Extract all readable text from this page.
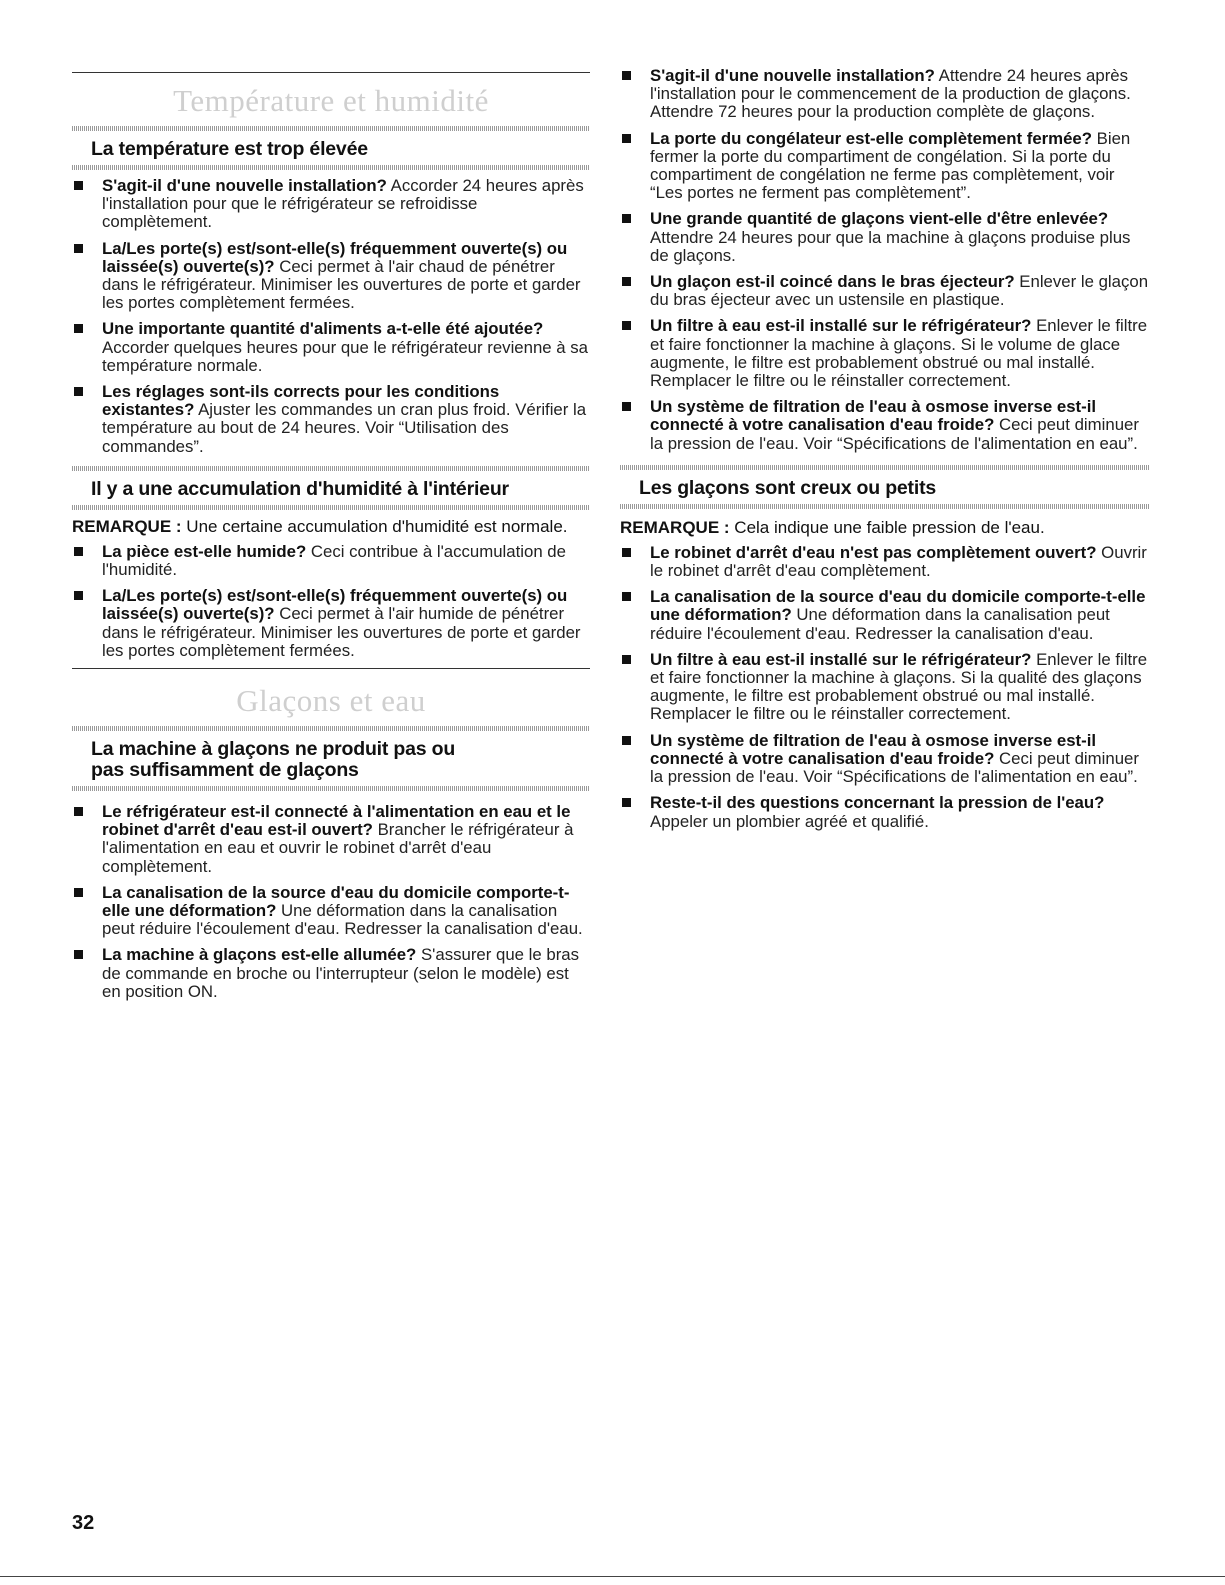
Température et humidité
La température est trop élevée
S'agit-il d'une nouvelle installation? Accorder 24 heures après l'installation pour que le réfrigérateur se refroidisse complètement.
La/Les porte(s) est/sont-elle(s) fréquemment ouverte(s) ou laissée(s) ouverte(s)? Ceci permet à l'air chaud de pénétrer dans le réfrigérateur. Minimiser les ouvertures de porte et garder les portes complètement fermées.
Une importante quantité d'aliments a-t-elle été ajoutée? Accorder quelques heures pour que le réfrigérateur revienne à sa température normale.
Les réglages sont-ils corrects pour les conditions existantes? Ajuster les commandes un cran plus froid. Vérifier la température au bout de 24 heures. Voir “Utilisation des commandes”.
Il y a une accumulation d'humidité à l'intérieur
REMARQUE : Une certaine accumulation d'humidité est normale.
La pièce est-elle humide? Ceci contribue à l'accumulation de l'humidité.
La/Les porte(s) est/sont-elle(s) fréquemment ouverte(s) ou laissée(s) ouverte(s)? Ceci permet à l'air humide de pénétrer dans le réfrigérateur. Minimiser les ouvertures de porte et garder les portes complètement fermées.
Glaçons et eau
La machine à glaçons ne produit pas ou pas suffisamment de glaçons
Le réfrigérateur est-il connecté à l'alimentation en eau et le robinet d'arrêt d'eau est-il ouvert? Brancher le réfrigérateur à l'alimentation en eau et ouvrir le robinet d'arrêt d'eau complètement.
La canalisation de la source d'eau du domicile comporte-t-elle une déformation? Une déformation dans la canalisation peut réduire l'écoulement d'eau. Redresser la canalisation d'eau.
La machine à glaçons est-elle allumée? S'assurer que le bras de commande en broche ou l'interrupteur (selon le modèle) est en position ON.
S'agit-il d'une nouvelle installation? Attendre 24 heures après l'installation pour le commencement de la production de glaçons. Attendre 72 heures pour la production complète de glaçons.
La porte du congélateur est-elle complètement fermée? Bien fermer la porte du compartiment de congélation. Si la porte du compartiment de congélation ne ferme pas complètement, voir “Les portes ne ferment pas complètement”.
Une grande quantité de glaçons vient-elle d'être enlevée? Attendre 24 heures pour que la machine à glaçons produise plus de glaçons.
Un glaçon est-il coincé dans le bras éjecteur? Enlever le glaçon du bras éjecteur avec un ustensile en plastique.
Un filtre à eau est-il installé sur le réfrigérateur? Enlever le filtre et faire fonctionner la machine à glaçons. Si le volume de glace augmente, le filtre est probablement obstrué ou mal installé. Remplacer le filtre ou le réinstaller correctement.
Un système de filtration de l'eau à osmose inverse est-il connecté à votre canalisation d'eau froide? Ceci peut diminuer la pression de l'eau. Voir “Spécifications de l'alimentation en eau”.
Les glaçons sont creux ou petits
REMARQUE : Cela indique une faible pression de l'eau.
Le robinet d'arrêt d'eau n'est pas complètement ouvert? Ouvrir le robinet d'arrêt d'eau complètement.
La canalisation de la source d'eau du domicile comporte-t-elle une déformation? Une déformation dans la canalisation peut réduire l'écoulement d'eau. Redresser la canalisation d'eau.
Un filtre à eau est-il installé sur le réfrigérateur? Enlever le filtre et faire fonctionner la machine à glaçons. Si la qualité des glaçons augmente, le filtre est probablement obstrué ou mal installé. Remplacer le filtre ou le réinstaller correctement.
Un système de filtration de l'eau à osmose inverse est-il connecté à votre canalisation d'eau froide? Ceci peut diminuer la pression de l'eau. Voir “Spécifications de l'alimentation en eau”.
Reste-t-il des questions concernant la pression de l'eau? Appeler un plombier agréé et qualifié.
32
